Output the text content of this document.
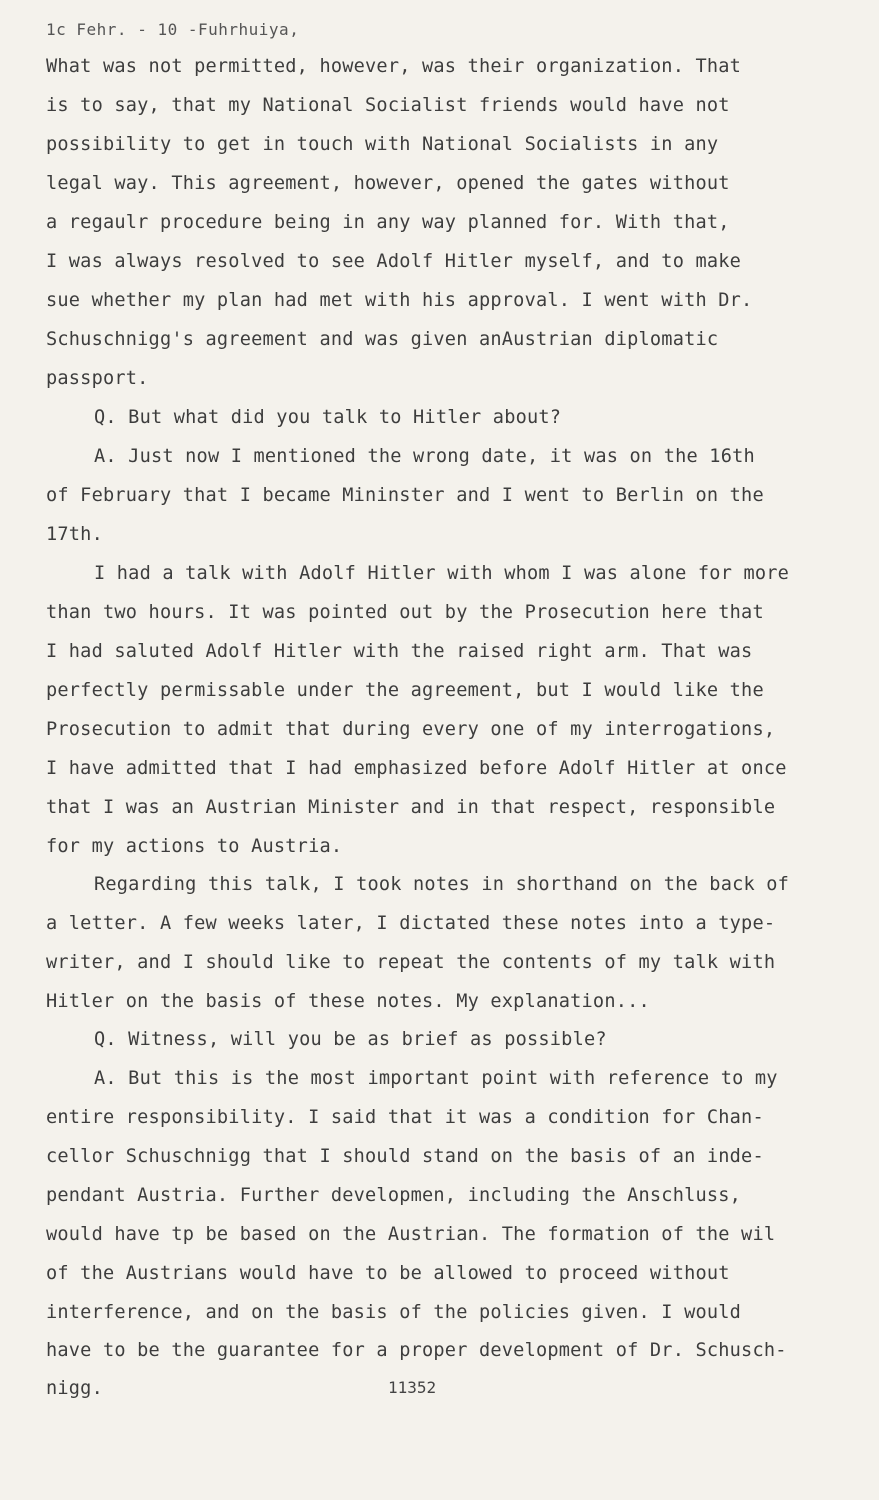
1c Fehr. - 10 -Fuhrhuiya,
What was not permitted, however, was their organization. That
is to say, that my National Socialist friends would have not
possibility to get in touch with National Socialists in any
legal way. This agreement, however, opened the gates without
a regaulr procedure being in any way planned for. With that,
I was always resolved to see Adolf Hitler myself, and to make
sue whether my plan had met with his approval. I went with Dr.
Schuschnigg's agreement and was given anAustrian diplomatic
passport.
Q. But what did you talk to Hitler about?
A. Just now I mentioned the wrong date, it was on the 16th
of February that I became Mininster and I went to Berlin on the
17th.
I had a talk with Adolf Hitler with whom I was alone for more
than two hours. It was pointed out by the Prosecution here that
I had saluted Adolf Hitler with the raised right arm. That was
perfectly permissable under the agreement, but I would like the
Prosecution to admit that during every one of my interrogations,
I have admitted that I had emphasized before Adolf Hitler at once
that I was an Austrian Minister and in that respect, responsible
for my actions to Austria.
Regarding this talk, I took notes in shorthand on the back of
a letter. A few weeks later, I dictated these notes into a type-
writer, and I should like to repeat the contents of my talk with
Hitler on the basis of these notes. My explanation...
Q. Witness, will you be as brief as possible?
A. But this is the most important point with reference to my
entire responsibility. I said that it was a condition for Chan-
cellor Schuschnigg that I should stand on the basis of an inde-
pendant Austria. Further developmen, including the Anschluss,
would have tp be based on the Austrian. The formation of the wil
of the Austrians would have to be allowed to proceed without
interference, and on the basis of the policies given. I would
have to be the guarantee for a proper development of Dr. Schusch-
nigg.	11352
